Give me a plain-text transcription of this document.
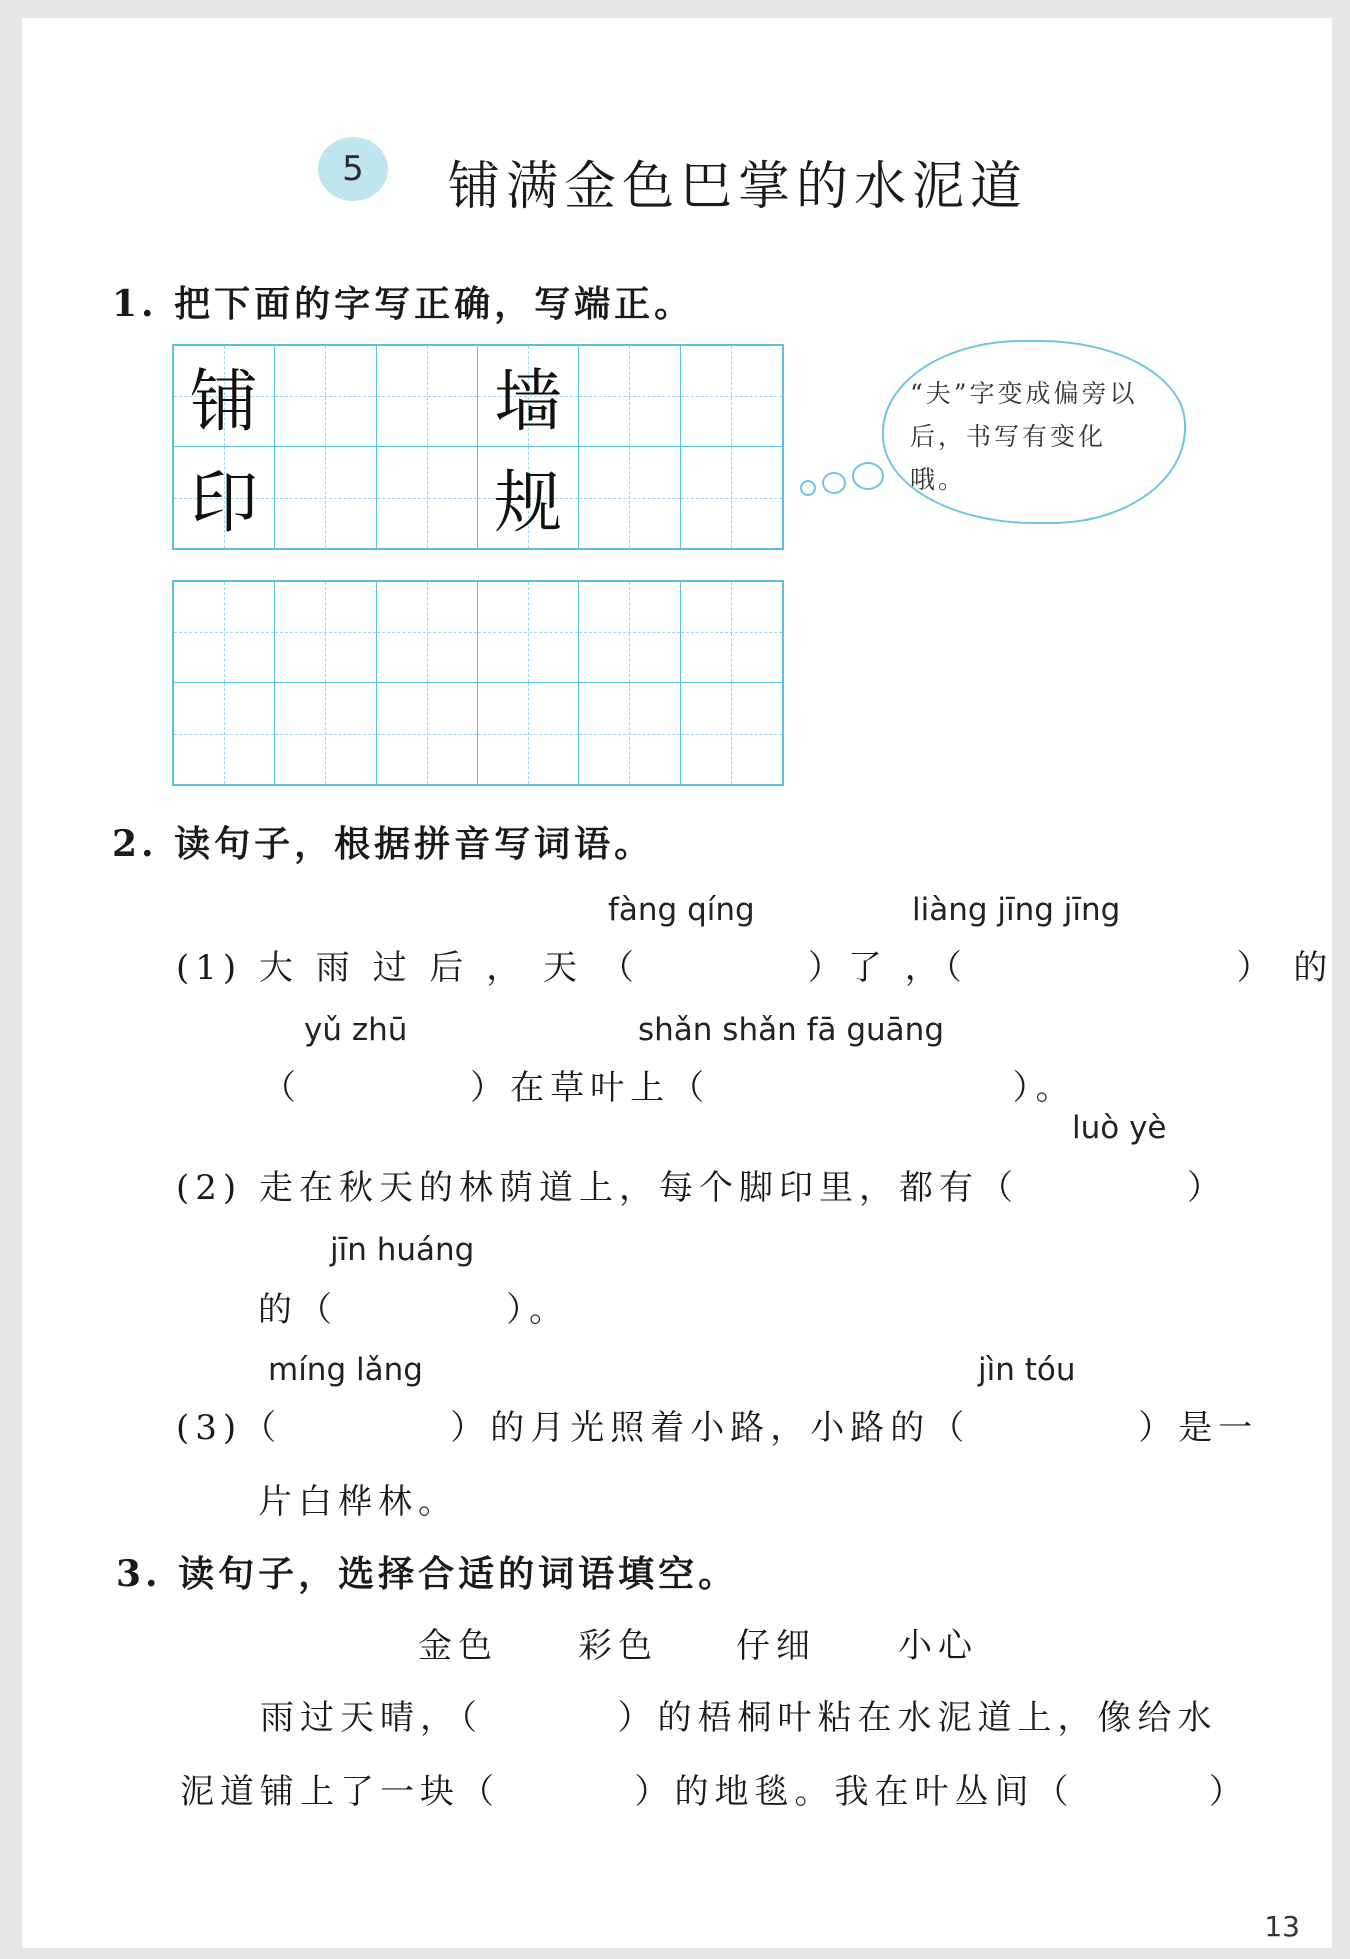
5	铺满金色巴掌的水泥道
1. 把下面的字写正确，写端正。
铺	墙
印	规
“夫”字变成偏旁以后，书写有变化哦。
2. 读句子，根据拼音写词语。
fàng qíng	liàng jīng jīng
(1) 大 雨 过 后 ， 天 （          ）了 ，（                ） 的
yǔ zhū	shǎn shǎn fā guāng
（          ）在草叶上（                  ）。
luò yè
(2) 走在秋天的林荫道上，每个脚印里，都有（          ）
jīn huáng
的（          ）。
míng lǎng	jìn tóu
(3)（          ）的月光照着小路，小路的（          ）是一
片白桦林。
3. 读句子，选择合适的词语填空。
金色 彩色 仔细 小心
雨过天晴，（        ）的梧桐叶粘在水泥道上，像给水
泥道铺上了一块（        ）的地毯。我在叶丛间（        ）
13
